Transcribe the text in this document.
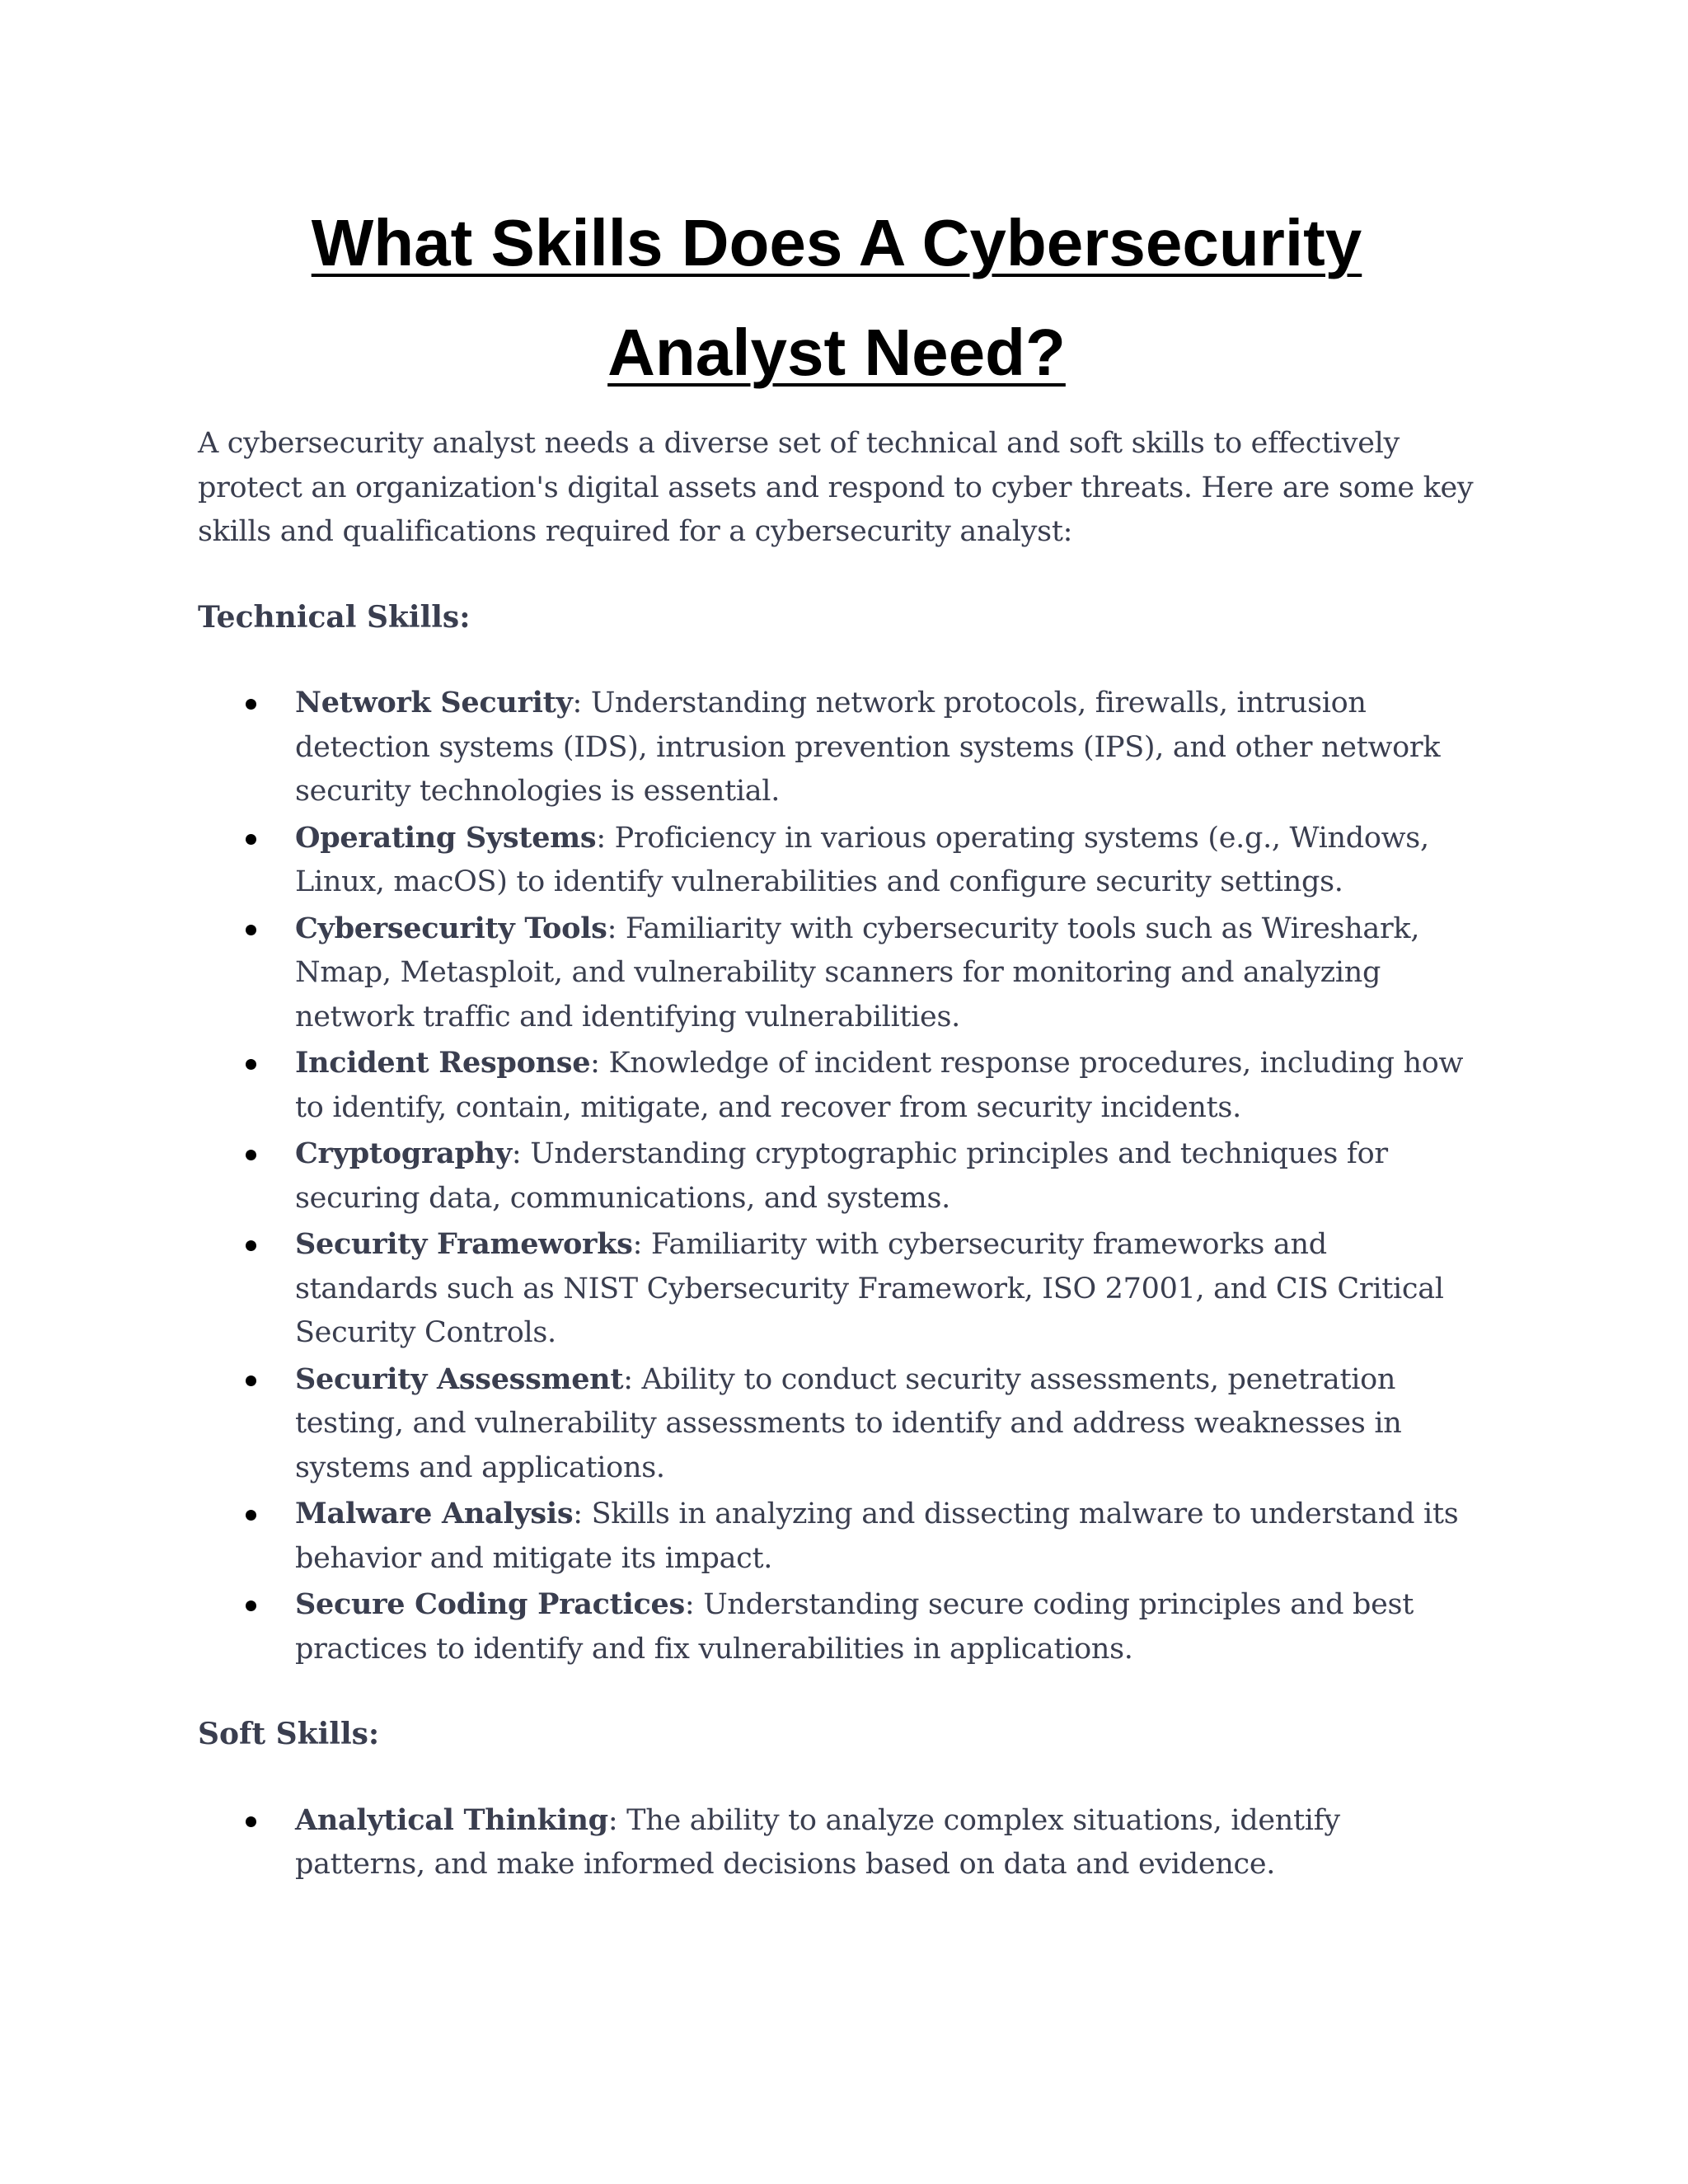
What Skills Does A Cybersecurity
Analyst Need?

A cybersecurity analyst needs a diverse set of technical and soft skills to effectively protect an organization's digital assets and respond to cyber threats. Here are some key skills and qualifications required for a cybersecurity analyst:

Technical Skills:
Network Security: Understanding network protocols, firewalls, intrusion detection systems (IDS), intrusion prevention systems (IPS), and other network security technologies is essential.
Operating Systems: Proficiency in various operating systems (e.g., Windows, Linux, macOS) to identify vulnerabilities and configure security settings.
Cybersecurity Tools: Familiarity with cybersecurity tools such as Wireshark, Nmap, Metasploit, and vulnerability scanners for monitoring and analyzing network traffic and identifying vulnerabilities.
Incident Response: Knowledge of incident response procedures, including how to identify, contain, mitigate, and recover from security incidents.
Cryptography: Understanding cryptographic principles and techniques for securing data, communications, and systems.
Security Frameworks: Familiarity with cybersecurity frameworks and standards such as NIST Cybersecurity Framework, ISO 27001, and CIS Critical Security Controls.
Security Assessment: Ability to conduct security assessments, penetration testing, and vulnerability assessments to identify and address weaknesses in systems and applications.
Malware Analysis: Skills in analyzing and dissecting malware to understand its behavior and mitigate its impact.
Secure Coding Practices: Understanding secure coding principles and best practices to identify and fix vulnerabilities in applications.
Soft Skills:
Analytical Thinking: The ability to analyze complex situations, identify patterns, and make informed decisions based on data and evidence.
